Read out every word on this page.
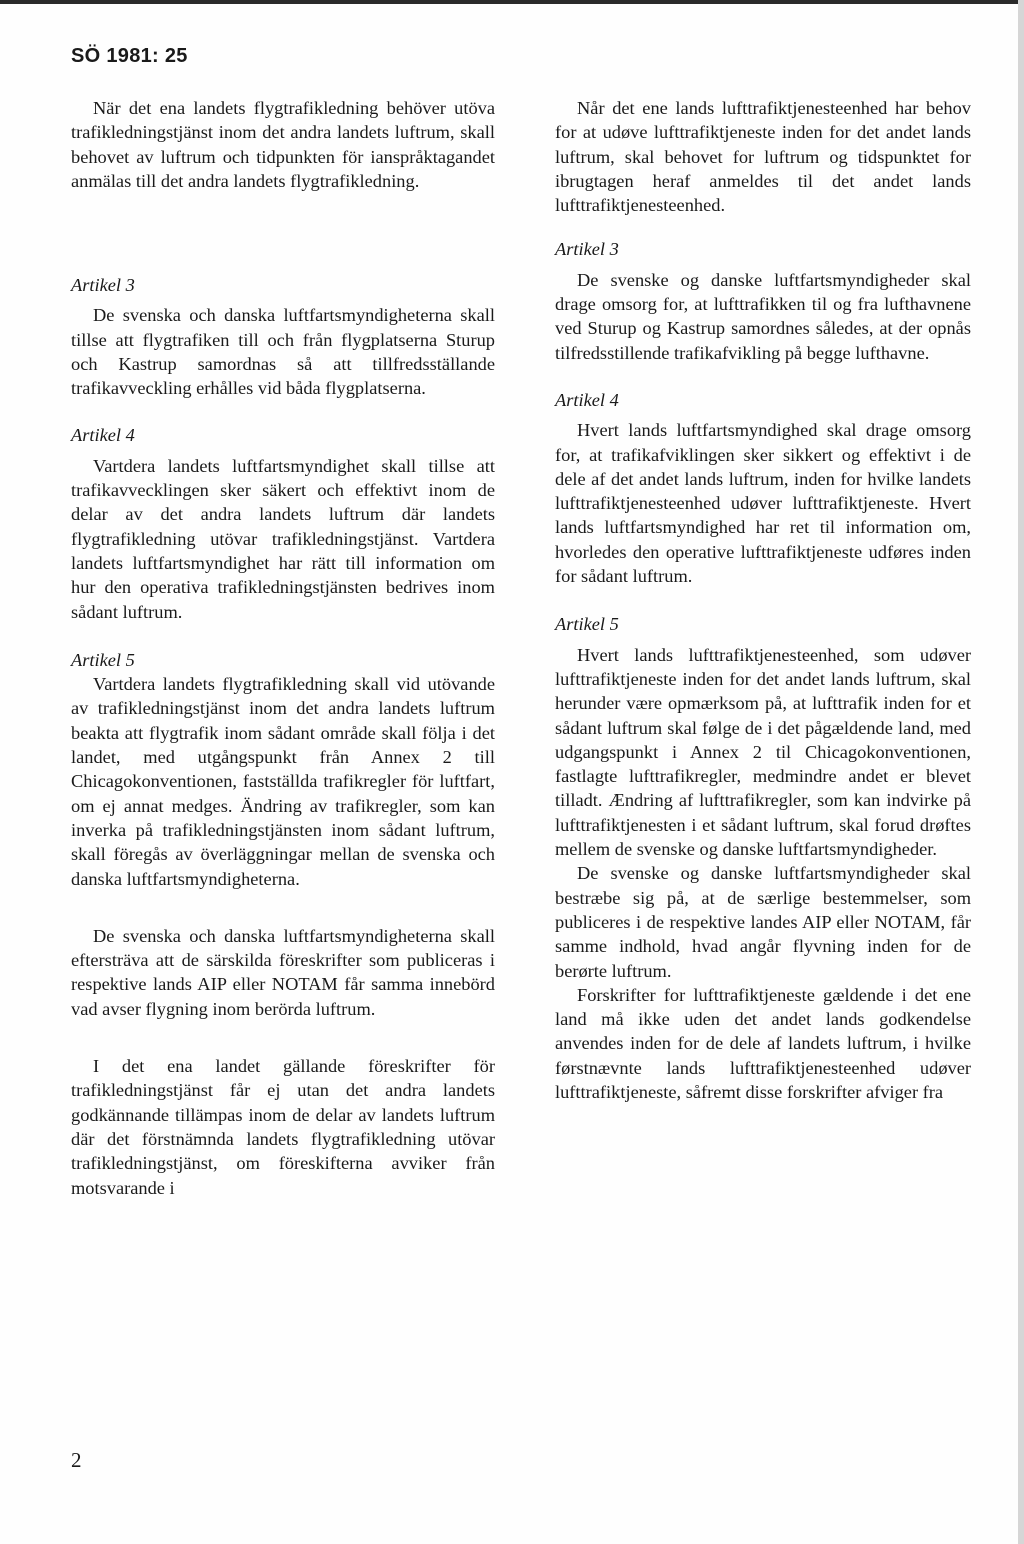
SÖ 1981: 25

När det ena landets flygtrafikledning behöver utöva trafikledningstjänst inom det andra landets luftrum, skall behovet av luftrum och tidpunkten för ianspråktagandet anmälas till det andra landets flygtrafikledning.

Artikel 3

De svenska och danska luftfartsmyndigheterna skall tillse att flygtrafiken till och från flygplatserna Sturup och Kastrup samordnas så att tillfredsställande trafikavveckling erhålles vid båda flygplatserna.

Artikel 4

Vartdera landets luftfartsmyndighet skall tillse att trafikavvecklingen sker säkert och effektivt inom de delar av det andra landets luftrum där landets flygtrafikledning utövar trafikledningstjänst. Vartdera landets luftfartsmyndighet har rätt till information om hur den operativa trafikledningstjänsten bedrives inom sådant luftrum.

Artikel 5

Vartdera landets flygtrafikledning skall vid utövande av trafikledningstjänst inom det andra landets luftrum beakta att flygtrafik inom sådant område skall följa i det landet, med utgångspunkt från Annex 2 till Chicagokonventionen, fastställda trafikregler för luftfart, om ej annat medges. Ändring av trafikregler, som kan inverka på trafikledningstjänsten inom sådant luftrum, skall föregås av överläggningar mellan de svenska och danska luftfartsmyndigheterna.

De svenska och danska luftfartsmyndigheterna skall eftersträva att de särskilda föreskrifter som publiceras i respektive lands AIP eller NOTAM får samma innebörd vad avser flygning inom berörda luftrum.

I det ena landet gällande föreskrifter för trafikledningstjänst får ej utan det andra landets godkännande tillämpas inom de delar av landets luftrum där det förstnämnda landets flygtrafikledning utövar trafikledningstjänst, om föreskifterna avviker från motsvarande i

Når det ene lands lufttrafiktjenesteenhed har behov for at udøve lufttrafiktjeneste inden for det andet lands luftrum, skal behovet for luftrum og tidspunktet for ibrugtagen heraf anmeldes til det andet lands lufttrafiktjenesteenhed.

Artikel 3

De svenske og danske luftfartsmyndigheder skal drage omsorg for, at lufttrafikken til og fra lufthavnene ved Sturup og Kastrup samordnes således, at der opnås tilfredsstillende trafikafvikling på begge lufthavne.

Artikel 4

Hvert lands luftfartsmyndighed skal drage omsorg for, at trafikafviklingen sker sikkert og effektivt i de dele af det andet lands luftrum, inden for hvilke landets lufttrafiktjenesteenhed udøver lufttrafiktjeneste. Hvert lands luftfartsmyndighed har ret til information om, hvorledes den operative lufttrafiktjeneste udføres inden for sådant luftrum.

Artikel 5

Hvert lands lufttrafiktjenesteenhed, som udøver lufttrafiktjeneste inden for det andet lands luftrum, skal herunder være opmærksom på, at lufttrafik inden for et sådant luftrum skal følge de i det pågældende land, med udgangspunkt i Annex 2 til Chicagokonventionen, fastlagte lufttrafikregler, medmindre andet er blevet tilladt. Ændring af lufttrafikregler, som kan indvirke på lufttrafiktjenesten i et sådant luftrum, skal forud drøftes mellem de svenske og danske luftfartsmyndigheder.

De svenske og danske luftfartsmyndigheder skal bestræbe sig på, at de særlige bestemmelser, som publiceres i de respektive landes AIP eller NOTAM, får samme indhold, hvad angår flyvning inden for de berørte luftrum.

Forskrifter for lufttrafiktjeneste gældende i det ene land må ikke uden det andet lands godkendelse anvendes inden for de dele af landets luftrum, i hvilke førstnævnte lands lufttrafiktjenesteenhed udøver lufttrafiktjeneste, såfremt disse forskrifter afviger fra

2
